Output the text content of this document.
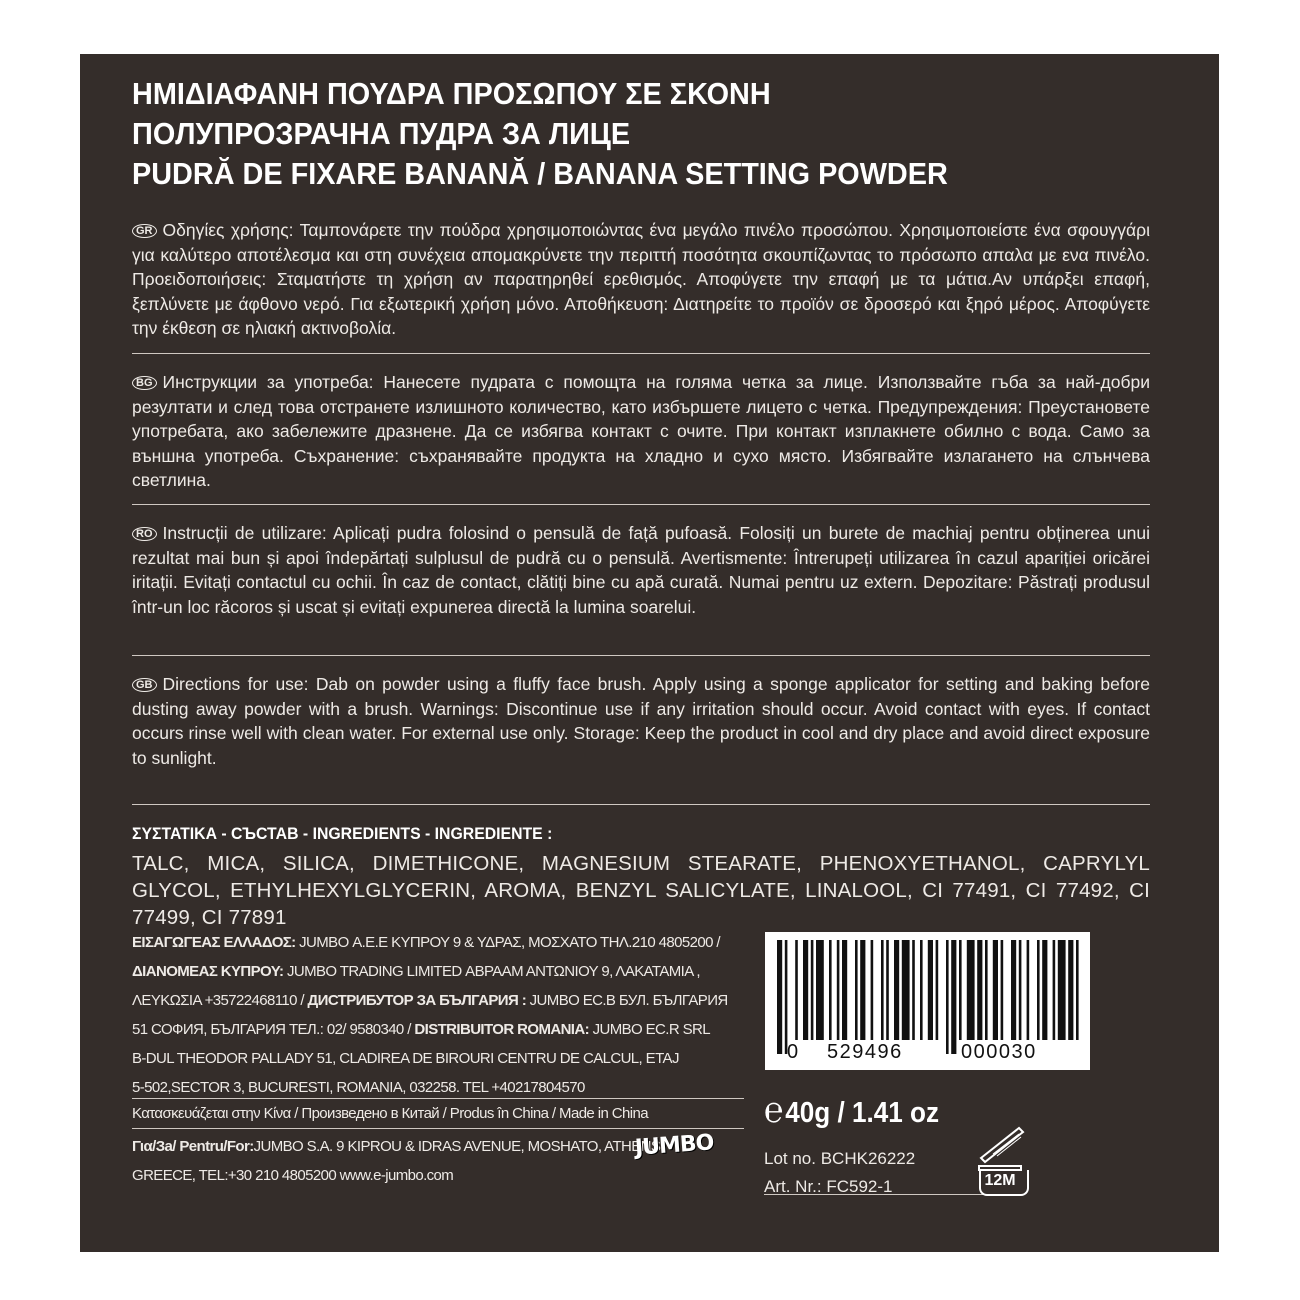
ΗΜΙΔΙΑΦΑΝΗ ΠΟΥΔΡΑ ΠΡΟΣΩΠΟΥ ΣΕ ΣΚΟΝΗ
ΠΟЛУПРОЗРАЧНА ПУДРА ЗА ЛИЦЕ
PUDRĂ DE FIXARE BANANĂ / BANANA SETTING POWDER
GR Οδηγίες χρήσης: Ταμπονάρετε την πούδρα χρησιμοποιώντας ένα μεγάλο πινέλο προσώπου. Χρησιμοποιείστε ένα σφουγγάρι για καλύτερο αποτέλεσμα και στη συνέχεια απομακρύνετε την περιττή ποσότητα σκουπίζωντας το πρόσωπο απαλα με ενα πινέλο. Προειδοποιήσεις: Σταματήστε τη χρήση αν παρατηρηθεί ερεθισμός. Αποφύγετε την επαφή με τα μάτια.Αν υπάρξει επαφή, ξεπλύνετε με άφθονο νερό. Για εξωτερική χρήση μόνο. Αποθήκευση: Διατηρείτε το προϊόν σε δροσερό και ξηρό μέρος. Αποφύγετε την έκθεση σε ηλιακή ακτινοβολία.
BG Инструкции за употреба: Нанесете пудрата с помощта на голяма четка за лице. Използвайте гъба за най-добри резултати и след това отстранете излишното количество, като избършете лицето с четка. Предупреждения: Преустановете употребата, ако забележите дразнене. Да се избягва контакт с очите. При контакт изплакнете обилно с вода. Само за външна употреба. Съхранение: съхранявайте продукта на хладно и сухо място. Избягвайте излагането на слънчева светлина.
RO Instrucții de utilizare: Aplicați pudra folosind o pensulă de față pufoasă. Folosiți un burete de machiaj pentru obținerea unui rezultat mai bun și apoi îndepărtați sulplusul de pudră cu o pensulă. Avertismente: Întrerupeți utilizarea în cazul apariției oricărei iritații. Evitați contactul cu ochii. În caz de contact, clătiți bine cu apă curată. Numai pentru uz extern. Depozitare: Păstrați produsul într-un loc răcoros și uscat și evitați expunerea directă la lumina soarelui.
GB Directions for use: Dab on powder using a fluffy face brush. Apply using a sponge applicator for setting and baking before dusting away powder with a brush. Warnings: Discontinue use if any irritation should occur. Avoid contact with eyes. If contact occurs rinse well with clean water. For external use only. Storage: Keep the product in cool and dry place and avoid direct exposure to sunlight.
ΣΥΣΤΑΤΙΚΑ - СЪСТАВ - INGREDIENTS - INGREDIENTE :
TALC, MICA, SILICA, DIMETHICONE, MAGNESIUM STEARATE, PHENOXYETHANOL, CAPRYLYL GLYCOL, ETHYLHEXYLGLYCERIN, AROMA, BENZYL SALICYLATE, LINALOOL, CI 77491, CI 77492, CI 77499, CI 77891
ΕΙΣΑΓΩΓΕΑΣ ΕΛΛΑΔΟΣ: JUMBO Α.Ε.Ε ΚΥΠΡΟΥ 9 & ΥΔΡΑΣ, ΜΟΣΧΑΤΟ ΤΗΛ.210 4805200 /
ΔΙΑΝΟΜΕΑΣ ΚΥΠΡΟΥ: JUMBO TRADING LIMITED ΑΒΡΑΑΜ ΑΝΤΩΝΙΟΥ 9, ΛΑΚΑΤΑΜΙΑ ,
ΛΕΥΚΩΣΙΑ +35722468110 / ДИСТРИБУТОР ЗА БЪЛГАРИЯ : JUMBO EC.B БУЛ. БЪЛГАРИЯ
51 СОФИЯ, БЪЛГАРИЯ ТЕЛ.: 02/ 9580340 / DISTRIBUITOR ROMANIA: JUMBO EC.R SRL
B-DUL THEODOR PALLADY 51, CLADIREA DE BIROURI CENTRU DE CALCUL, ETAJ
5-502,SECTOR 3, BUCURESTI, ROMANIA, 032258. TEL +40217804570
Κατασκευάζεται στην Κίνα / Произведено в Китай / Produs în China / Made in China
Για/За/ Pentru/For:JUMBO S.A. 9 KIPROU & IDRAS AVENUE, MOSHATO, ATHENS,
GREECE, TEL:+30 210 4805200 www.e-jumbo.com
JUMBO
0 529496	000030
℮40g / 1.41 oz
Lot no. BCHK26222
Art. Nr.: FC592-1	12M
